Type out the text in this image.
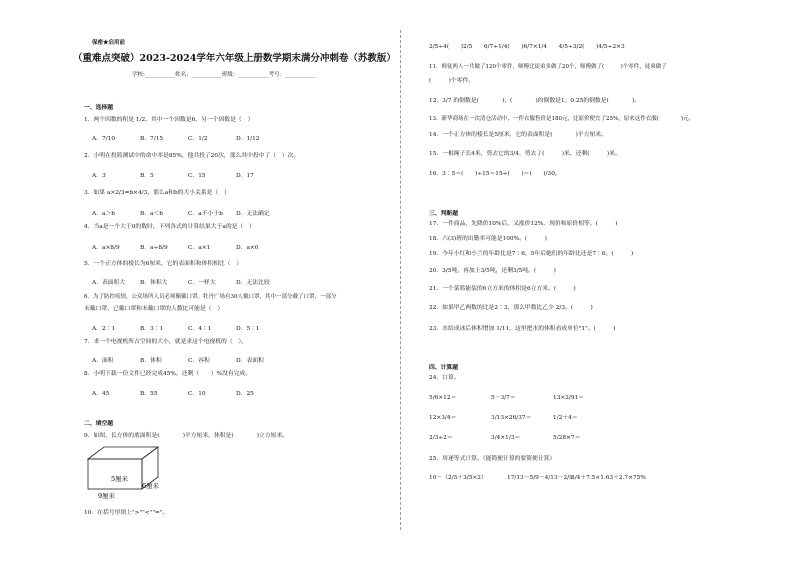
保密★启用前
（重难点突破）2023-2024学年六年级上册数学期末满分冲刺卷（苏教版）
学校:___________姓名：___________班级：___________考号：___________
一、选择题
1．两个因数的积是 1/2，其中一个因数是6，另一个因数是（　）
A．7/10	B．7/15	C．1/2	D．1/12
2．小明在投篮测试中的命中率是85%，他共投了20次，那么其中投中了（　）次。
A．3	B．5	C．15	D．17
3．如果 a×2/3=b×4/3，那么a和b的大小关系是（　）
A．a＞b	B．a＜b	C．a不小于b	D．无法确定
4．当a是一个大于0的数时，下列各式的计算结果大于a的是（　）
A．a×8/9	B．a÷8/9	C．a×1	D．a×0
5．一个正方体的棱长为6厘米，它的表面积和体积相比（　）
A．表面积大	B．体积大	C．一样大	D．无法比较
6．为了防控疫情，公众场所人员必须佩戴口罩。牡丹广场有30人戴口罩，其中一部分戴了口罩，一部分
未戴口罩，已戴口罩和未戴口罩的人数比可能是（　）
A．2∶1	B．3∶1	C．4∶1	D．5∶1
7．求一个电视机所占空间的大小，就是求这个电视机的（　）。
A．面积	B．体积	C．容积	D．表面积
8．小明下载一份文件已经完成45%，还剩（　　）%没有完成。
A．45	B．55	C．10	D．25
二、填空题
9．如图，长方体的底面积是(　　　　)平方厘米，体积是(　　　　)立方厘米。
5厘米
6厘米
9厘米
10．在括号里填上">""<""="。
2/5÷4(　　)2/5　　6/7÷1/4(　　)6/7×1/4　　4/5÷3/2(　　)4/5÷2×3
11．师徒两人一共做了120个零件，师傅比徒弟多做了20个，师傅做了(　　　)个零件，徒弟做了
(　　　)个零件。
12．3/7 的倒数是(　　　　)；(　　　　)的倒数是1；0.25的倒数是(　　　　)。
13．新华商场在一次清仓活动中，一件衣服售价是180元，比原价便宜了25%，原来这件衣服(　　　　)元。
14．一个正方体的棱长是5厘米，它的表面积是(　　　　)平方厘米。
15．一根绳子长4米，剪去它的3/4，剪去了(　　　)米，还剩(　　　)米。
16．3∶5＝(　　)÷15＝15÷(　　)＝(　　)/30。
三、判断题
17．一件商品，先降价10%后，又涨价12%，现价和原价相等。(　　　)
18．六(3)班的出勤率可能是100%。(　　　)
19．今年小红和小兰的年龄比是7∶6，5年后她们的年龄比还是7∶6。(　　　)
20．3/5吨，再加上3/5吨，还剩3/5吨。(　　　)
21．一个菜篮能装的6立方米的体积是6立方米。(　　　)
22．如果甲乙两数的比是2∶3，那么甲数比乙少 2/3。(　　　)
23．水结成冰后体积增加 1/11，这里把水的体积看成单位"1"。(　　　)
四、计算题
24．口算。
5/6×12＝	5－3/7＝	13×2/91＝
12×3/4＝	3/13×26/37＝	1/2＋4＝
2/3÷2＝	3/4×1/3＝	5/28×7＝
25．用递等式计算。（能简便计算的要简便计算）
10－（2/5＋3/5×2）	17/13－5/9－4/13－2/9
3/4＋7.5×1.63＋2.7×75%
